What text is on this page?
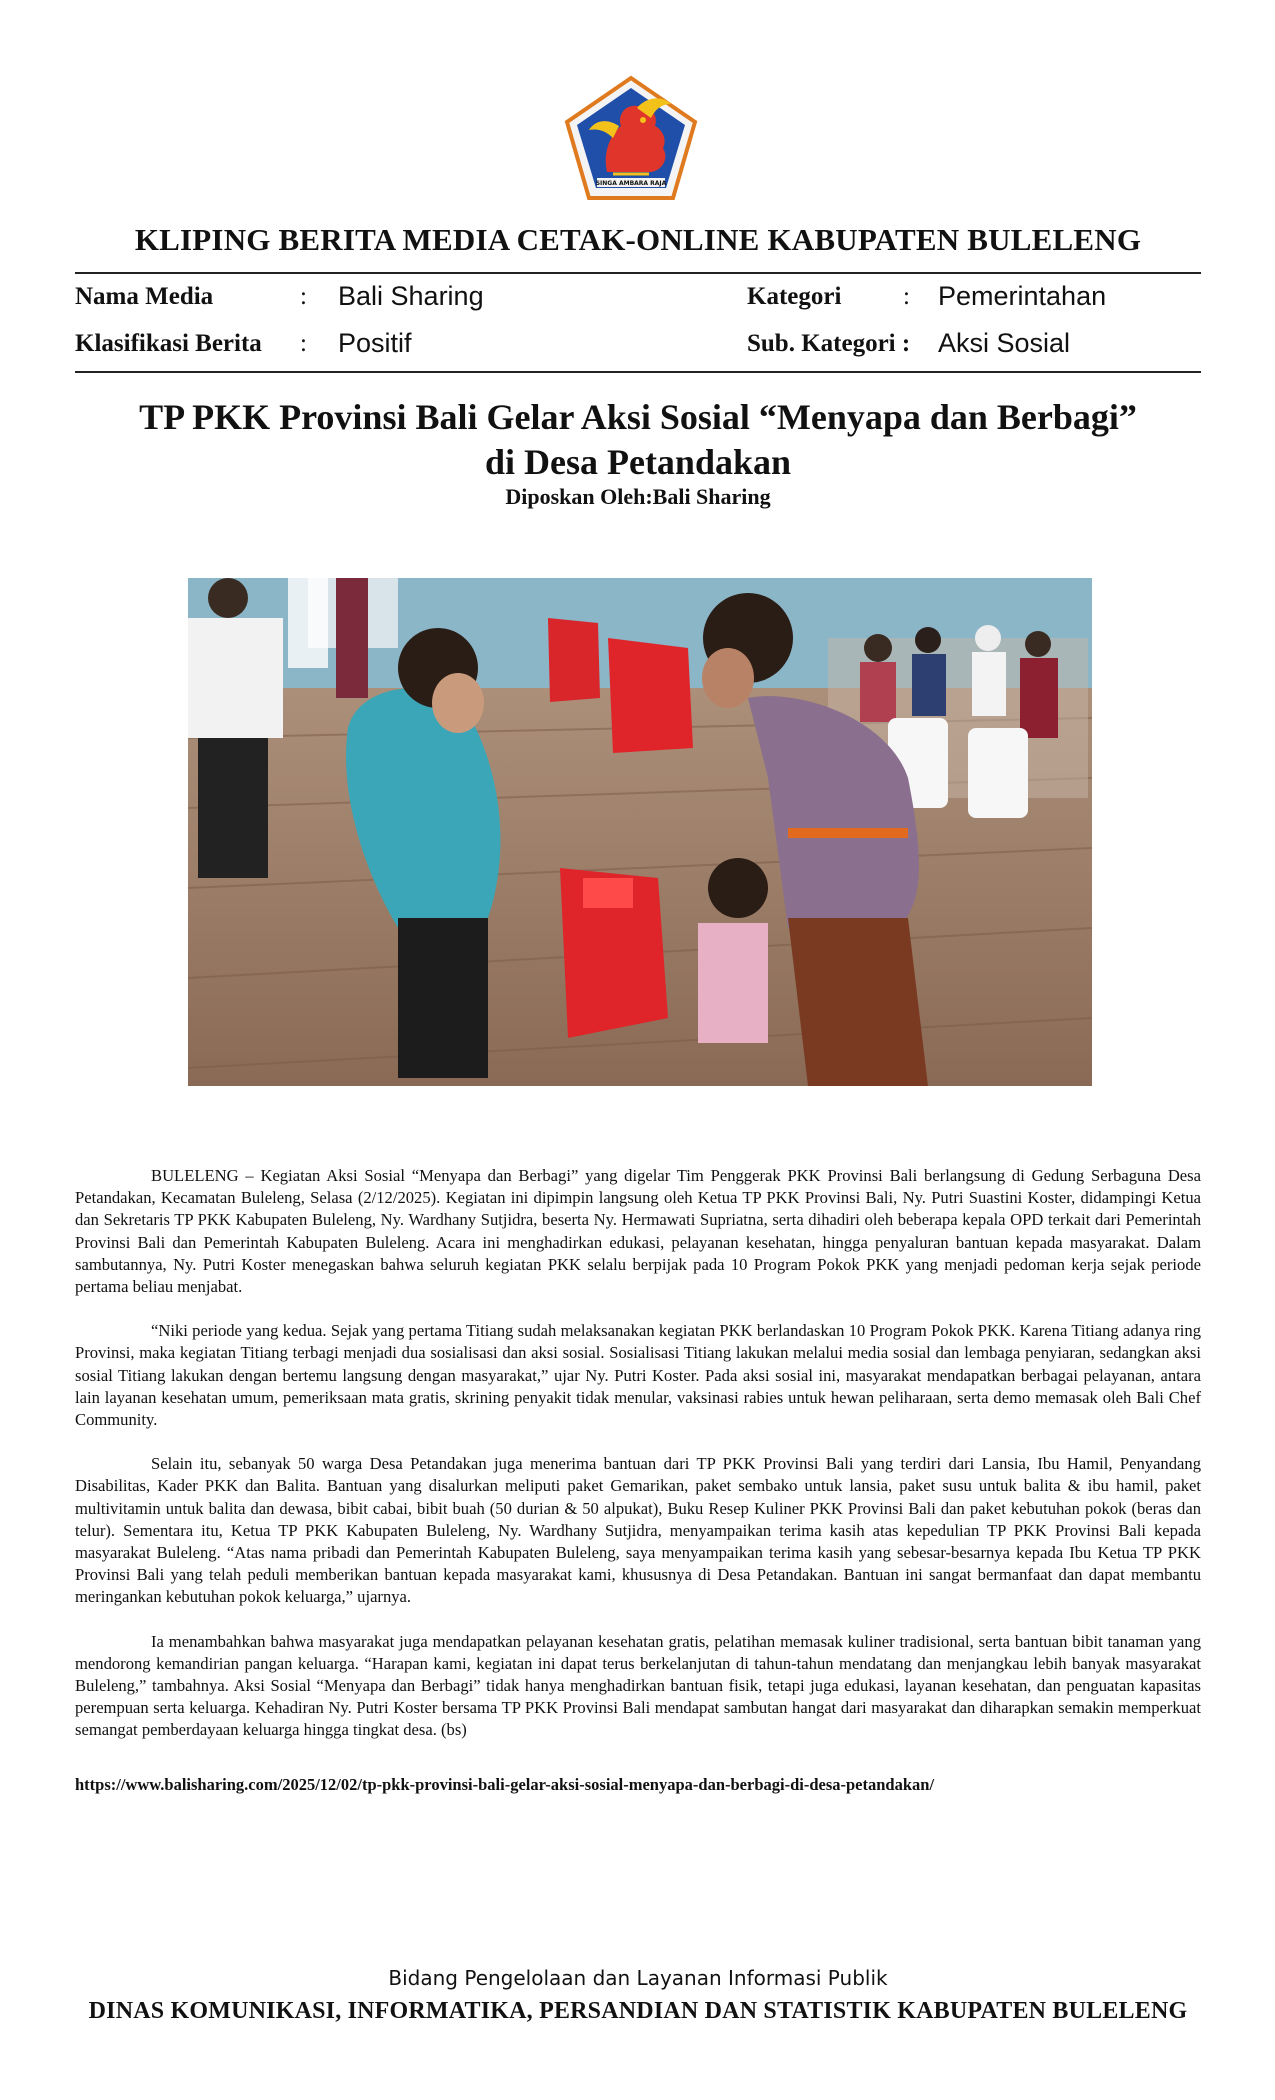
SINGA AMBARA RAJA
KLIPING BERITA MEDIA CETAK-ONLINE KABUPATEN BULELENG
Nama Media	: Bali Sharing	Kategori : Pemerintahan
Klasifikasi Berita : Positif	Sub. Kategori : Aksi Sosial
TP PKK Provinsi Bali Gelar Aksi Sosial “Menyapa dan Berbagi”
di Desa Petandakan
Diposkan Oleh:Bali Sharing

BULELENG – Kegiatan Aksi Sosial “Menyapa dan Berbagi” yang digelar Tim Penggerak PKK Provinsi Bali berlangsung di Gedung Serbaguna Desa Petandakan, Kecamatan Buleleng, Selasa (2/12/2025). Kegiatan ini dipimpin langsung oleh Ketua TP PKK Provinsi Bali, Ny. Putri Suastini Koster, didampingi Ketua dan Sekretaris TP PKK Kabupaten Buleleng, Ny. Wardhany Sutjidra, beserta Ny. Hermawati Supriatna, serta dihadiri oleh beberapa kepala OPD terkait dari Pemerintah Provinsi Bali dan Pemerintah Kabupaten Buleleng. Acara ini menghadirkan edukasi, pelayanan kesehatan, hingga penyaluran bantuan kepada masyarakat. Dalam sambutannya, Ny. Putri Koster menegaskan bahwa seluruh kegiatan PKK selalu berpijak pada 10 Program Pokok PKK yang menjadi pedoman kerja sejak periode pertama beliau menjabat.

“Niki periode yang kedua. Sejak yang pertama Titiang sudah melaksanakan kegiatan PKK berlandaskan 10 Program Pokok PKK. Karena Titiang adanya ring Provinsi, maka kegiatan Titiang terbagi menjadi dua sosialisasi dan aksi sosial. Sosialisasi Titiang lakukan melalui media sosial dan lembaga penyiaran, sedangkan aksi sosial Titiang lakukan dengan bertemu langsung dengan masyarakat,” ujar Ny. Putri Koster. Pada aksi sosial ini, masyarakat mendapatkan berbagai pelayanan, antara lain layanan kesehatan umum, pemeriksaan mata gratis, skrining penyakit tidak menular, vaksinasi rabies untuk hewan peliharaan, serta demo memasak oleh Bali Chef Community.

Selain itu, sebanyak 50 warga Desa Petandakan juga menerima bantuan dari TP PKK Provinsi Bali yang terdiri dari Lansia, Ibu Hamil, Penyandang Disabilitas, Kader PKK dan Balita. Bantuan yang disalurkan meliputi paket Gemarikan, paket sembako untuk lansia, paket susu untuk balita & ibu hamil, paket multivitamin untuk balita dan dewasa, bibit cabai, bibit buah (50 durian & 50 alpukat), Buku Resep Kuliner PKK Provinsi Bali dan paket kebutuhan pokok (beras dan telur). Sementara itu, Ketua TP PKK Kabupaten Buleleng, Ny. Wardhany Sutjidra, menyampaikan terima kasih atas kepedulian TP PKK Provinsi Bali kepada masyarakat Buleleng. “Atas nama pribadi dan Pemerintah Kabupaten Buleleng, saya menyampaikan terima kasih yang sebesar-besarnya kepada Ibu Ketua TP PKK Provinsi Bali yang telah peduli memberikan bantuan kepada masyarakat kami, khususnya di Desa Petandakan. Bantuan ini sangat bermanfaat dan dapat membantu meringankan kebutuhan pokok keluarga,” ujarnya.

Ia menambahkan bahwa masyarakat juga mendapatkan pelayanan kesehatan gratis, pelatihan memasak kuliner tradisional, serta bantuan bibit tanaman yang mendorong kemandirian pangan keluarga. “Harapan kami, kegiatan ini dapat terus berkelanjutan di tahun-tahun mendatang dan menjangkau lebih banyak masyarakat Buleleng,” tambahnya. Aksi Sosial “Menyapa dan Berbagi” tidak hanya menghadirkan bantuan fisik, tetapi juga edukasi, layanan kesehatan, dan penguatan kapasitas perempuan serta keluarga. Kehadiran Ny. Putri Koster bersama TP PKK Provinsi Bali mendapat sambutan hangat dari masyarakat dan diharapkan semakin memperkuat semangat pemberdayaan keluarga hingga tingkat desa. (bs)

https://www.balisharing.com/2025/12/02/tp-pkk-provinsi-bali-gelar-aksi-sosial-menyapa-dan-berbagi-di-desa-petandakan/
Bidang Pengelolaan dan Layanan Informasi Publik
DINAS KOMUNIKASI, INFORMATIKA, PERSANDIAN DAN STATISTIK KABUPATEN BULELENG
